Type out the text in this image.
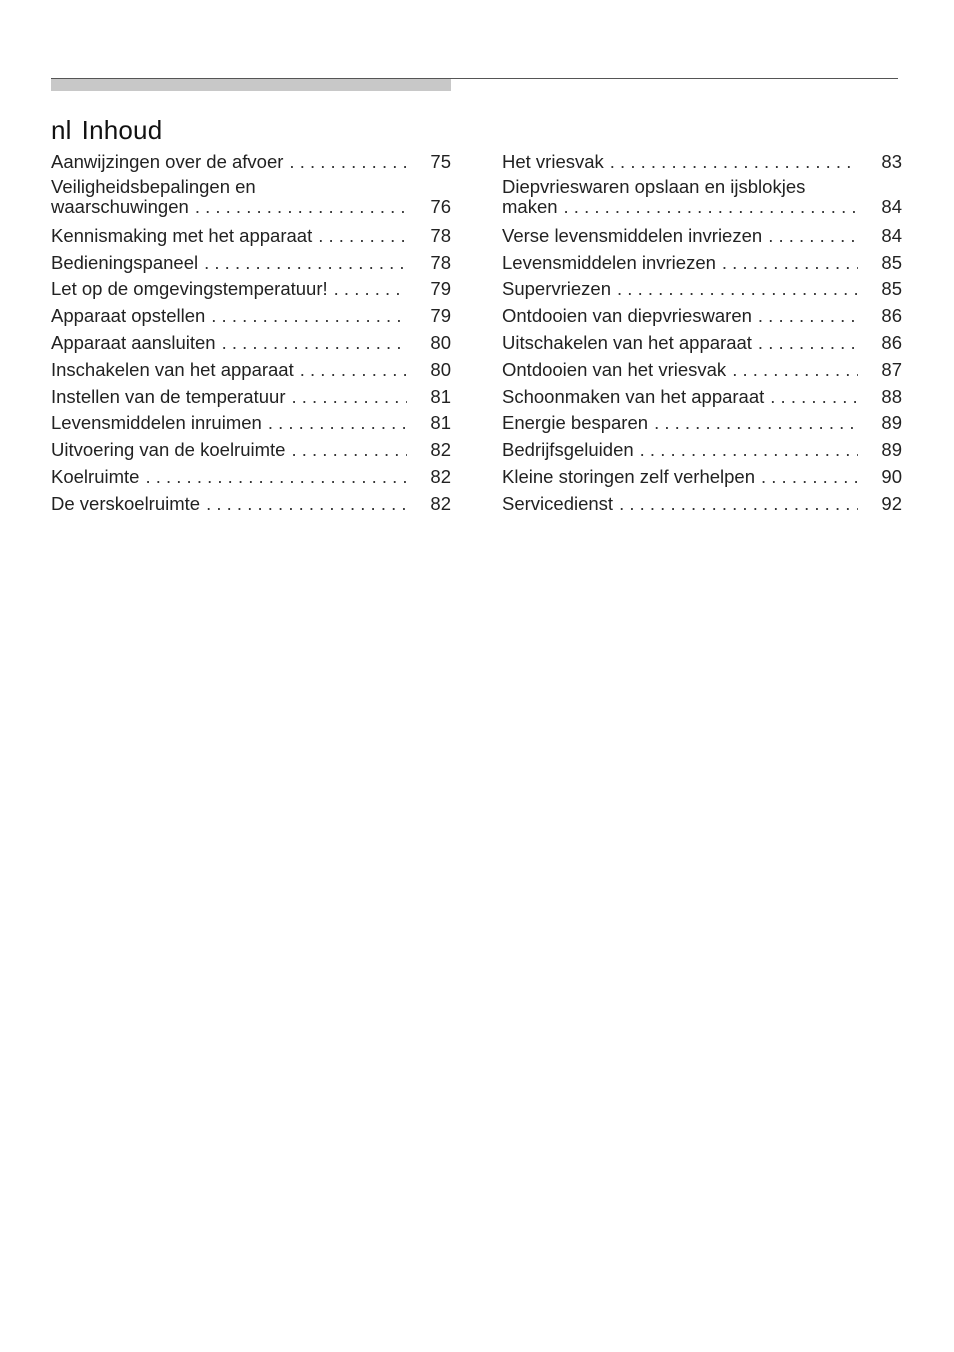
nl Inhoud
Aanwijzingen over de afvoer . . .	75
Veiligheidsbepalingen en
waarschuwingen . . .	76
Kennismaking met het apparaat . . .	78
Bedieningspaneel . . .	78
Let op de omgevingstemperatuur! . . .	79
Apparaat opstellen . . .	79
Apparaat aansluiten . . .	80
Inschakelen van het apparaat . . .	80
Instellen van de temperatuur . . .	81
Levensmiddelen inruimen . . .	81
Uitvoering van de koelruimte . . .	82
Koelruimte . . .	82
De verskoelruimte . . .	82
Het vriesvak . . .	83
Diepvrieswaren opslaan en ijsblokjes
maken . . .	84
Verse levensmiddelen invriezen . . .	84
Levensmiddelen invriezen . . .	85
Supervriezen . . .	85
Ontdooien van diepvrieswaren . . .	86
Uitschakelen van het apparaat . . .	86
Ontdooien van het vriesvak . . .	87
Schoonmaken van het apparaat . . .	88
Energie besparen . . .	89
Bedrijfsgeluiden . . .	89
Kleine storingen zelf verhelpen . . .	90
Servicedienst . . .	92
